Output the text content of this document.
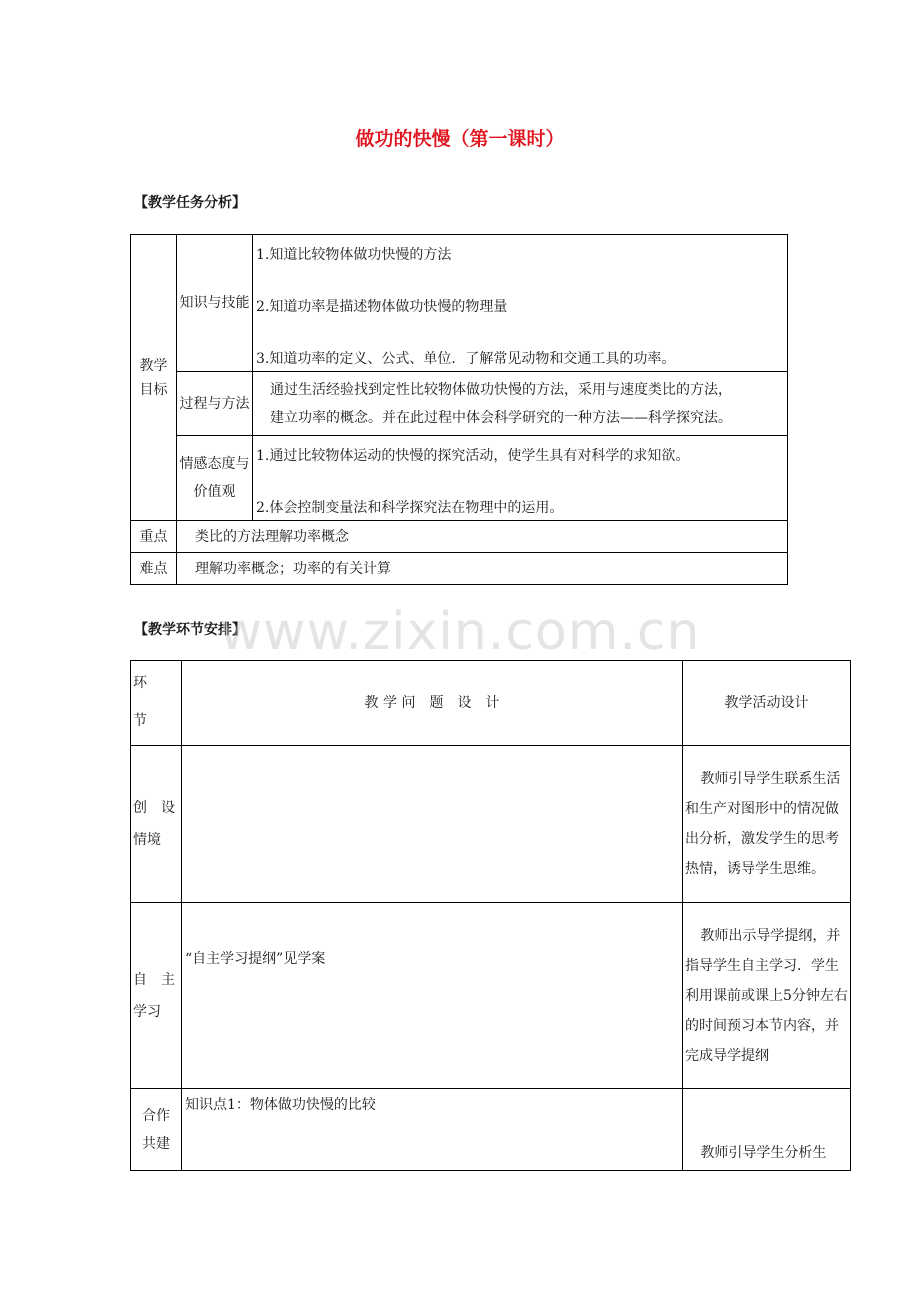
做功的快慢（第一课时）
【教学任务分析】
【教学环节安排】
教学目标	知识与技能	1.知道比较物体做功快慢的方法
2.知道功率是描述物体做功快慢的物理量
3.知道功率的定义、公式、单位．了解常见动物和交通工具的功率。

	过程与方法	通过生活经验找到定性比较物体做功快慢的方法，采用与速度类比的方法，
建立功率的概念。并在此过程中体会科学研究的一种方法——科学探究法。

	情感态度与价值观	1.通过比较物体运动的快慢的探究活动，使学生具有对科学的求知欲。
2.体会控制变量法和科学探究法在物理中的运用。

重点	类比的方法理解功率概念	
难点	理解功率概念；功率的有关计算	
www.zixin.com.cn
环
节	教 学 问　题　设　计	教学活动设计

创　设
情境		教师引导学生联系生活和生产对图形中的情况做出分析，激发学生的思考热情，诱导学生思维。

自　主
学习	“自主学习提纲”见学案	教师出示导学提纲，并指导学生自主学习．学生利用课前或课上5分钟左右的时间预习本节内容，并完成导学提纲

合作
共建	知识点1：物体做功快慢的比较	教师引导学生分析生
